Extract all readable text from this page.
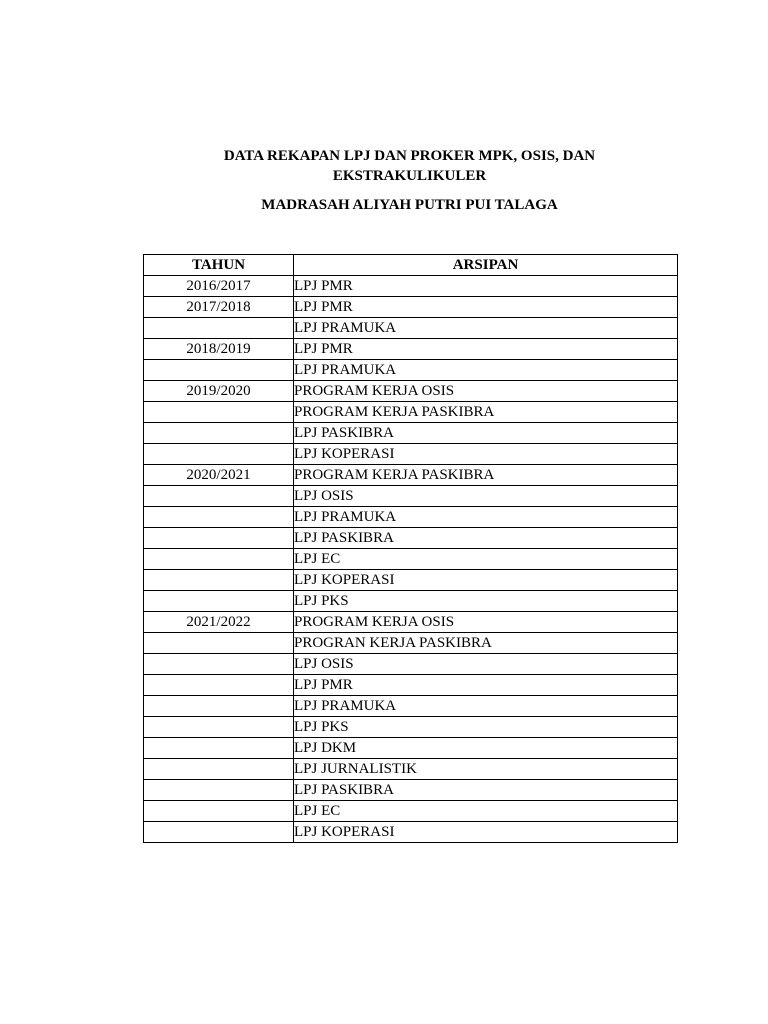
DATA REKAPAN LPJ DAN PROKER MPK, OSIS, DAN
EKSTRAKULIKULER
MADRASAH ALIYAH PUTRI PUI TALAGA
TAHUN	ARSIPAN
2016/2017	LPJ PMR
2017/2018	LPJ PMR
	LPJ PRAMUKA
2018/2019	LPJ PMR
	LPJ PRAMUKA
2019/2020	PROGRAM KERJA OSIS
	PROGRAM KERJA PASKIBRA
	LPJ PASKIBRA
	LPJ KOPERASI
2020/2021	PROGRAM KERJA PASKIBRA
	LPJ OSIS
	LPJ PRAMUKA
	LPJ PASKIBRA
	LPJ EC
	LPJ KOPERASI
	LPJ PKS
2021/2022	PROGRAM KERJA OSIS
	PROGRAN KERJA PASKIBRA
	LPJ OSIS
	LPJ PMR
	LPJ PRAMUKA
	LPJ PKS
	LPJ DKM
	LPJ JURNALISTIK
	LPJ PASKIBRA
	LPJ EC
	LPJ KOPERASI
